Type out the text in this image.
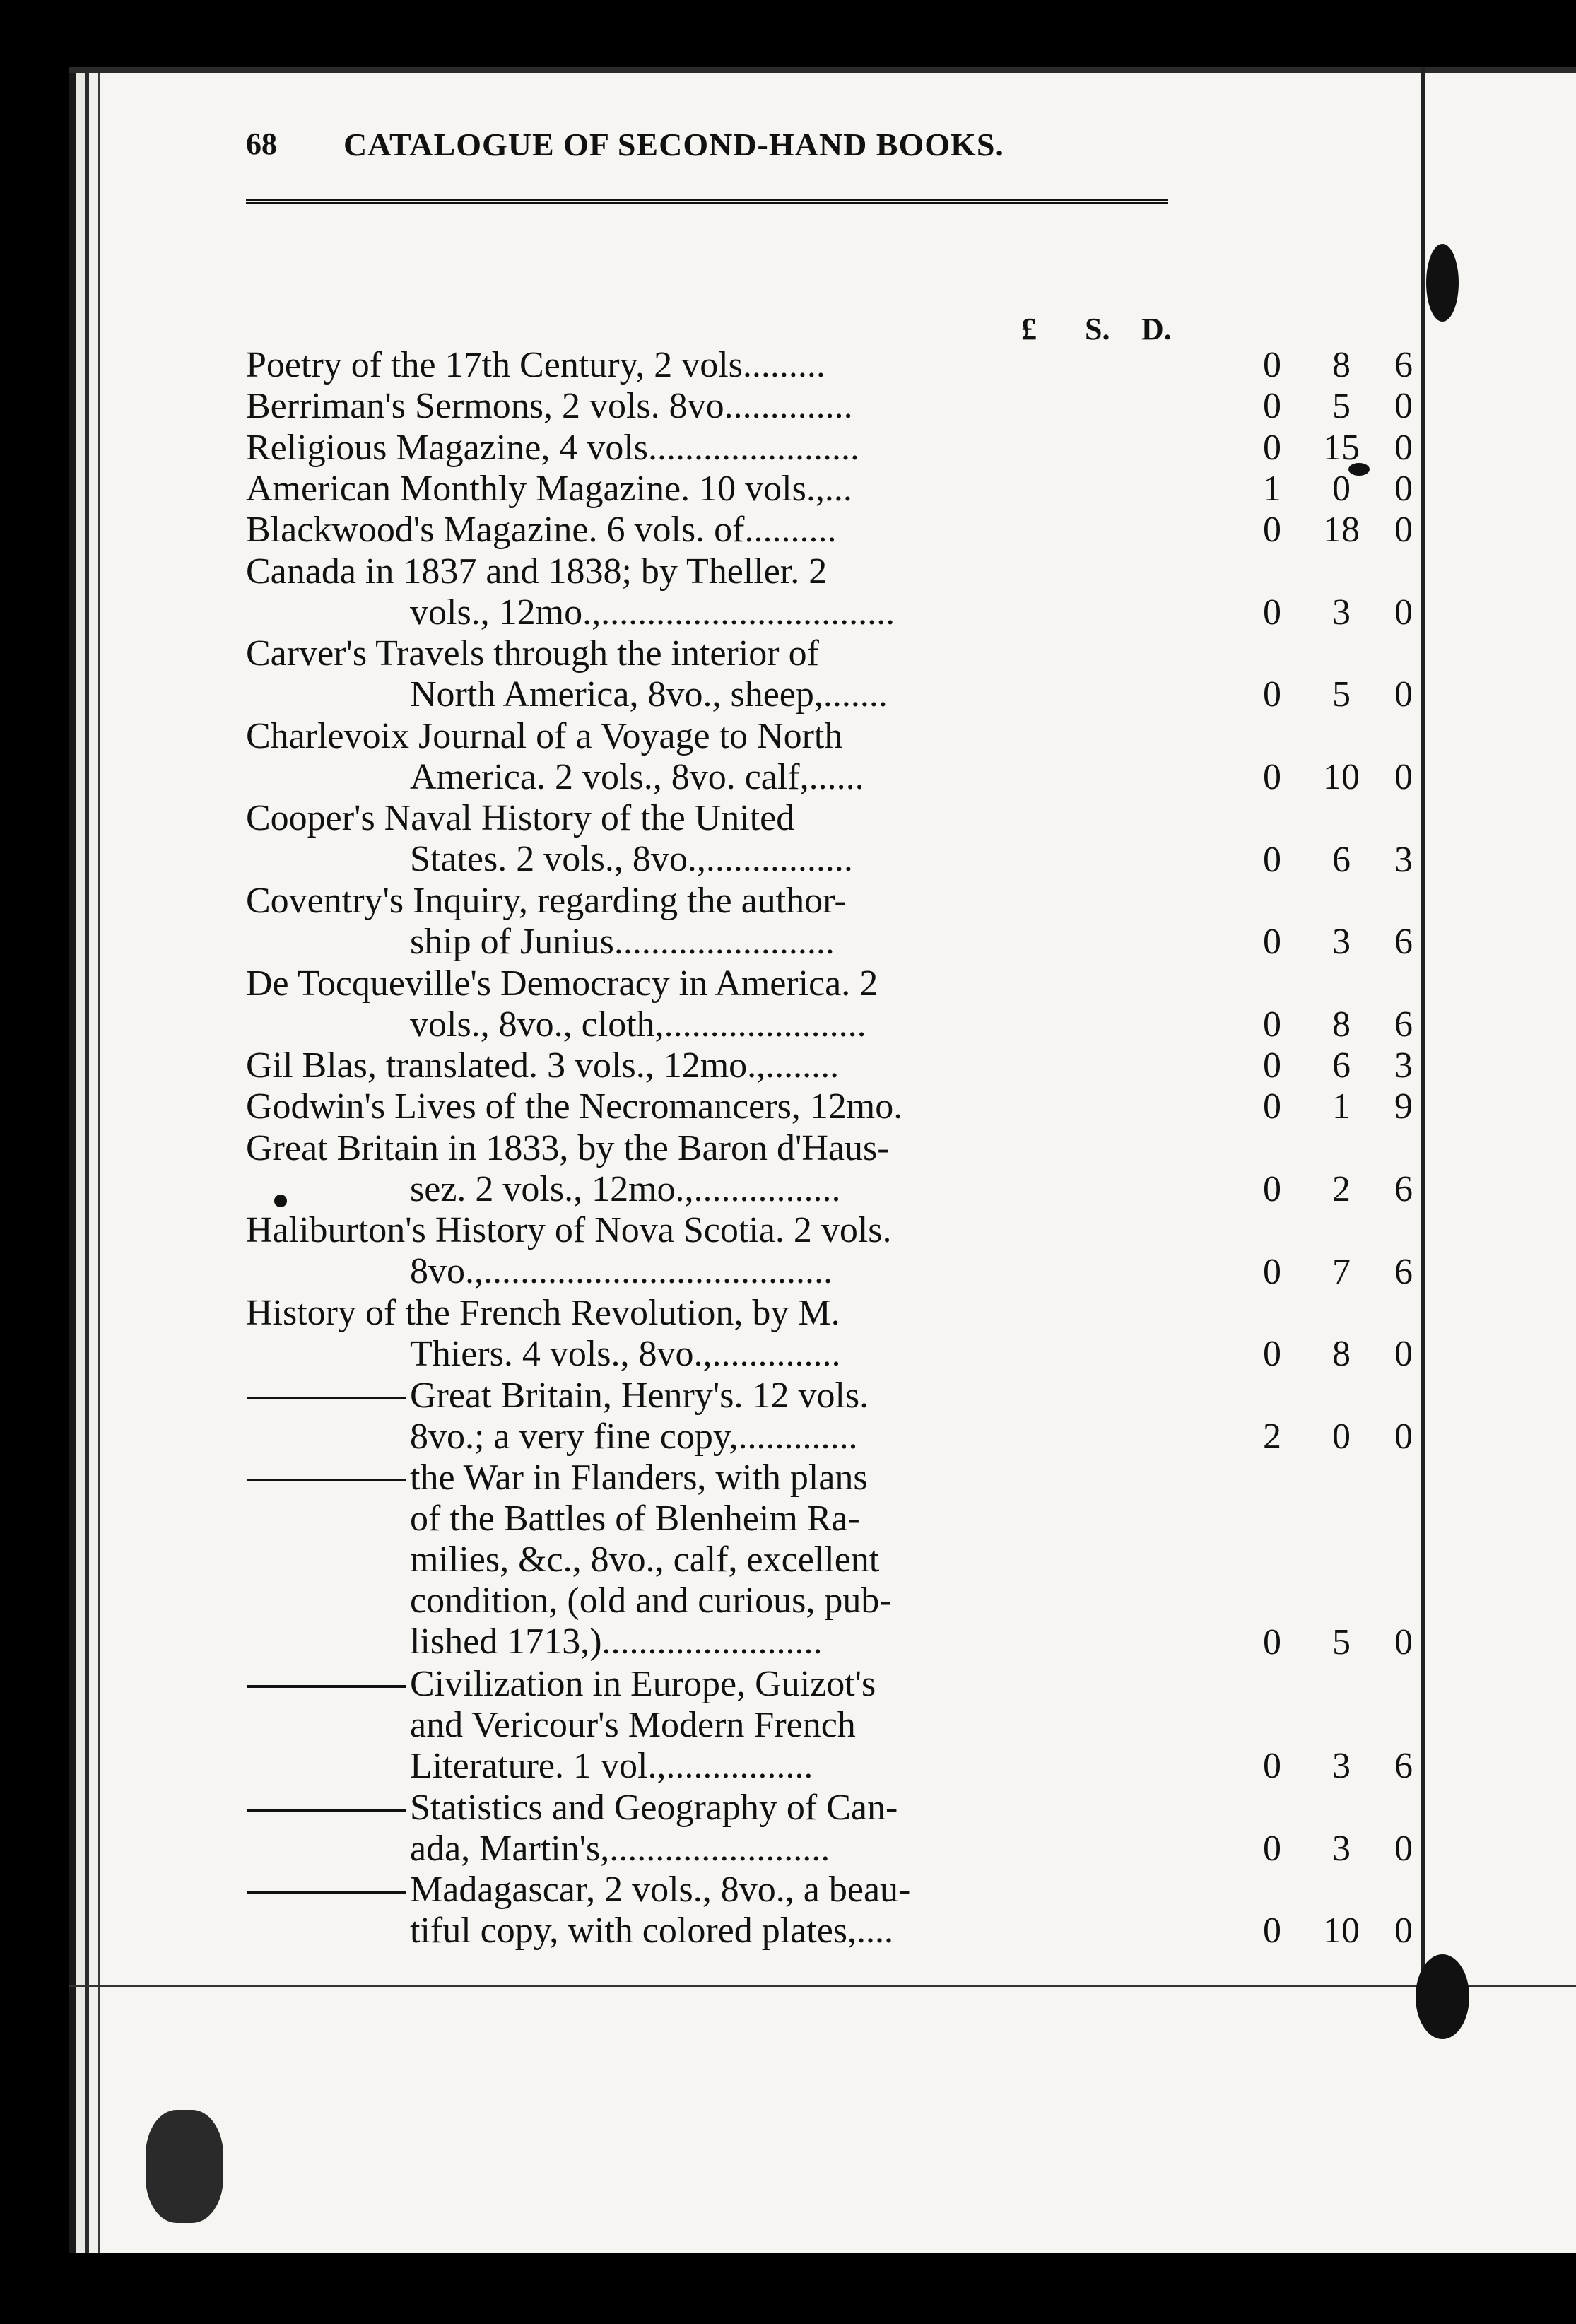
68 CATALOGUE OF SECOND-HAND BOOKS.
£ S. D.
Poetry of the 17th Century, 2 vols.........	0	8	6
Berriman's Sermons, 2 vols. 8vo..............	0	5	0
Religious Magazine, 4 vols.......................	0	15 0
American Monthly Magazine. 10 vols.,...	1	0	0
Blackwood's Magazine. 6 vols. of..........	0	18 0
Canada in 1837 and 1838; by Theller. 2
vols., 12mo.,................................	0	3	0
Carver's Travels through the interior of
North America, 8vo., sheep,.......	0	5	0
Charlevoix Journal of a Voyage to North
America. 2 vols., 8vo. calf,......	0	10 0
Cooper's Naval History of the United
States. 2 vols., 8vo.,................	0	6	3
Coventry's Inquiry, regarding the author-
ship of Junius........................	0	3	6
De Tocqueville's Democracy in America. 2
vols., 8vo., cloth,......................	0	8	6
Gil Blas, translated. 3 vols., 12mo.,........	0	6	3
Godwin's Lives of the Necromancers, 12mo.	0	1	9
Great Britain in 1833, by the Baron d'Haus-
sez. 2 vols., 12mo.,................	0	2	6
Haliburton's History of Nova Scotia. 2 vols.
8vo.,......................................	0	7	6
History of the French Revolution, by M.
Thiers. 4 vols., 8vo.,..............	0	8	0
Great Britain, Henry's. 12 vols.
8vo.; a very fine copy,.............	2	0	0
the War in Flanders, with plans
of the Battles of Blenheim Ra-
milies, &c., 8vo., calf, excellent
condition, (old and curious, pub-
lished 1713,)........................	0	5	0
Civilization in Europe, Guizot's
and Vericour's Modern French
Literature. 1 vol.,................	0	3	6
Statistics and Geography of Can-
ada, Martin's,........................	0	3	0
Madagascar, 2 vols., 8vo., a beau-
tiful copy, with colored plates,....	0	10 0
